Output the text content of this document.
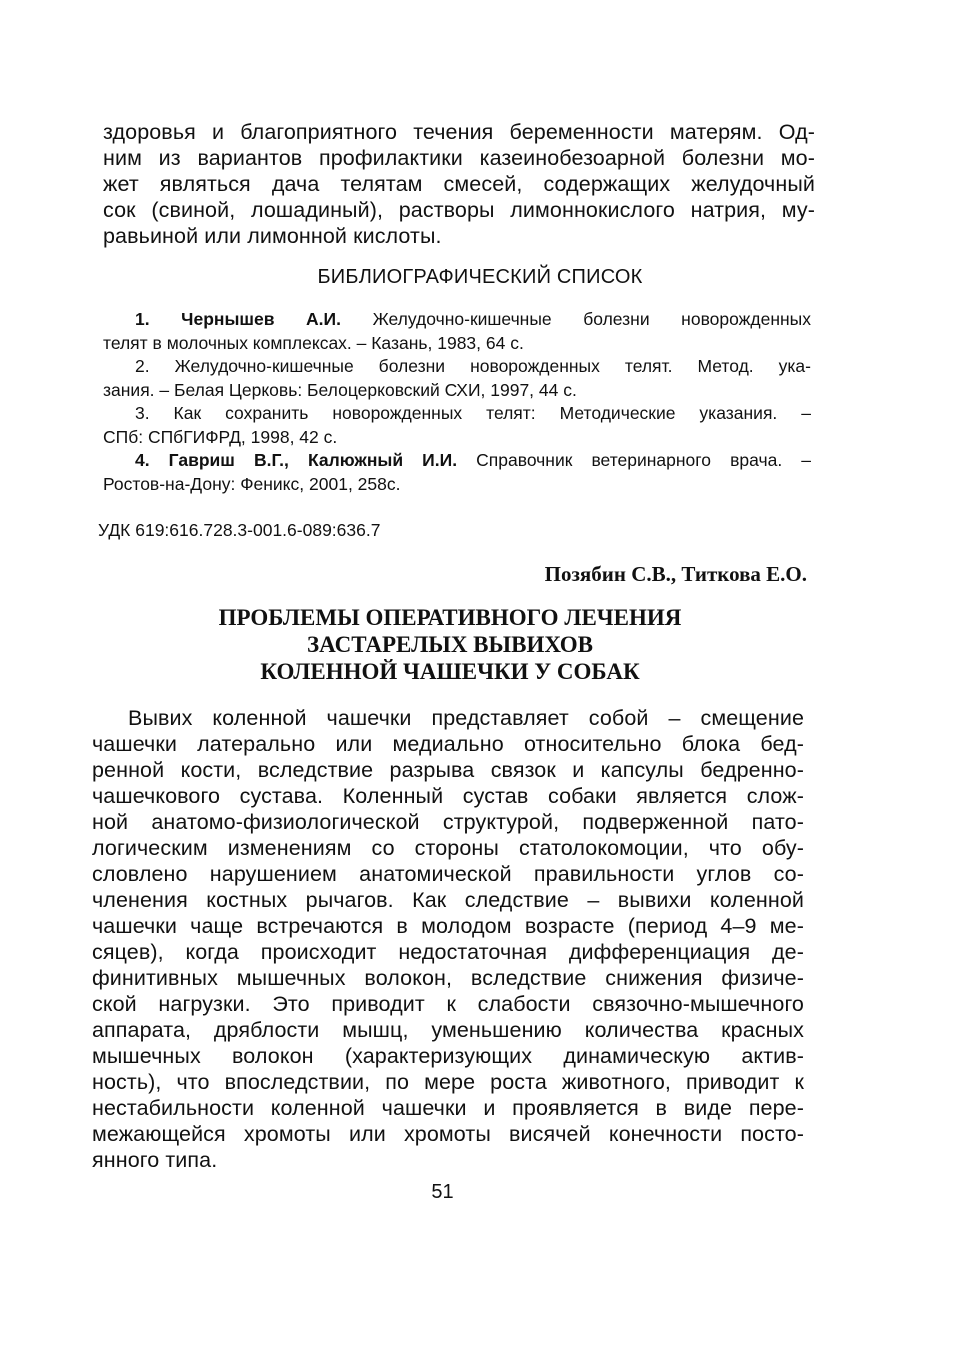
здоровья и благоприятного течения беременности матерям. Од-
ним из вариантов профилактики казеинобезоарной болезни мо-
жет являться дача телятам смесей, содержащих желудочный
сок (свиной, лошадиный), растворы лимоннокислого натрия, му-
равьиной или лимонной кислоты.
БИБЛИОГРАФИЧЕСКИЙ СПИСОК
1. Чернышев А.И. Желудочно-кишечные болезни новорожденных
телят в молочных комплексах. – Казань, 1983, 64 с.
2. Желудочно-кишечные болезни новорожденных телят. Метод. ука-
зания. – Белая Церковь: Белоцерковский СХИ, 1997, 44 с.
3. Как сохранить новорожденных телят: Методические указания. –
СПб: СПбГИФРД, 1998, 42 с.
4. Гавриш В.Г., Калюжный И.И. Справочник ветеринарного врача. –
Ростов-на-Дону: Феникс, 2001, 258с.
УДК 619:616.728.3-001.6-089:636.7
Позябин С.В., Титкова Е.О.
ПРОБЛЕМЫ ОПЕРАТИВНОГО ЛЕЧЕНИЯ
ЗАСТАРЕЛЫХ ВЫВИХОВ
КОЛЕННОЙ ЧАШЕЧКИ У СОБАК
Вывих коленной чашечки представляет собой – смещение
чашечки латерально или медиально относительно блока бед-
ренной кости, вследствие разрыва связок и капсулы бедренно-
чашечкового сустава. Коленный сустав собаки является слож-
ной анатомо-физиологической структурой, подверженной пато-
логическим изменениям со стороны статолокомоции, что обу-
словлено нарушением анатомической правильности углов со-
членения костных рычагов. Как следствие – вывихи коленной
чашечки чаще встречаются в молодом возрасте (период 4–9 ме-
сяцев), когда происходит недостаточная дифференциация де-
финитивных мышечных волокон, вследствие снижения физиче-
ской нагрузки. Это приводит к слабости связочно-мышечного
аппарата, дряблости мышц, уменьшению количества красных
мышечных волокон (характеризующих динамическую актив-
ность), что впоследствии, по мере роста животного, приводит к
нестабильности коленной чашечки и проявляется в виде пере-
межающейся хромоты или хромоты висячей конечности посто-
янного типа.
51
